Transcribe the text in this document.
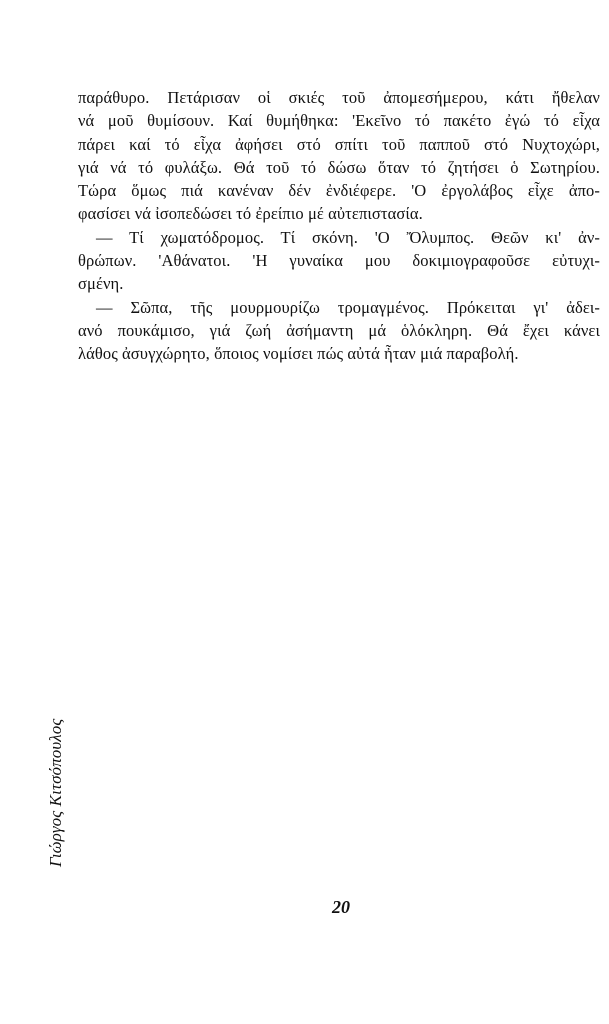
παράθυρο. Πετάρισαν οἱ σκιές τοῦ ἀπομεσήμερου, κάτι ἤθελαν
νά μοῦ θυμίσουν. Καί θυμήθηκα: 'Εκεῖνο τό πακέτο ἐγώ τό εἶχα
πάρει καί τό εἶχα ἀφήσει στό σπίτι τοῦ παπποῦ στό Νυχτοχώρι,
γιά νά τό φυλάξω. Θά τοῦ τό δώσω ὅταν τό ζητήσει ὁ Σωτηρίου.
Τώρα ὅμως πιά κανέναν δέν ἐνδιέφερε. 'Ο ἐργολάβος εἶχε ἀπο-
φασίσει νά ἰσοπεδώσει τό ἐρείπιο μέ αὐτεπιστασία.

— Τί χωματόδρομος. Τί σκόνη. 'Ο Ὄλυμπος. Θεῶν κι' ἀν-
θρώπων. 'Αθάνατοι. 'Η γυναίκα μου δοκιμιογραφοῦσε εὐτυχι-
σμένη.

— Σῶπα, τῆς μουρμουρίζω τρομαγμένος. Πρόκειται γι' ἀδει-
ανό πουκάμισο, γιά ζωή ἀσήμαντη μά ὁλόκληρη. Θά ἔχει κάνει
λάθος ἀσυγχώρητο, ὅποιος νομίσει πώς αὐτά ἦταν μιά παραβολή.

Γιώργος Κιτσόπουλος
20
